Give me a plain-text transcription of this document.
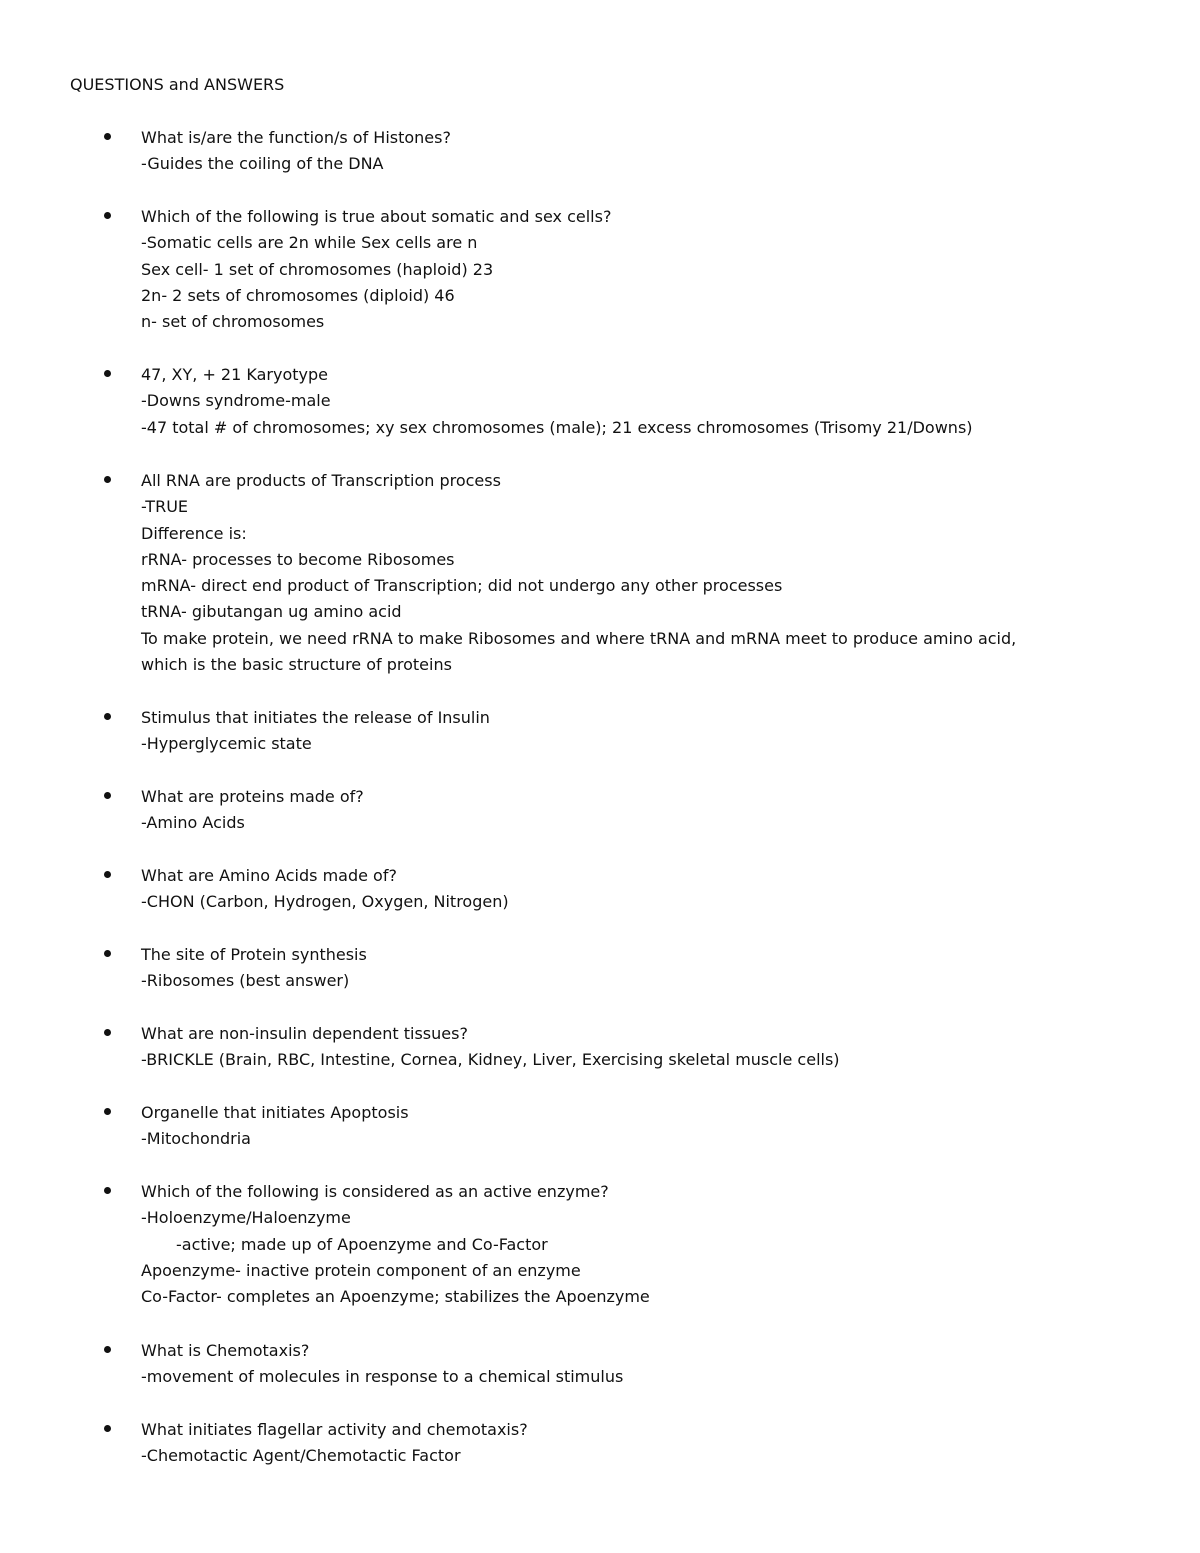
QUESTIONS and ANSWERS
What is/are the function/s of Histones?
-Guides the coiling of the DNA
Which of the following is true about somatic and sex cells?
-Somatic cells are 2n while Sex cells are n
Sex cell- 1 set of chromosomes (haploid) 23
2n- 2 sets of chromosomes (diploid) 46
n- set of chromosomes
47, XY, + 21 Karyotype
-Downs syndrome-male
-47 total # of chromosomes; xy sex chromosomes (male); 21 excess chromosomes (Trisomy 21/Downs)
All RNA are products of Transcription process
-TRUE
Difference is:
rRNA- processes to become Ribosomes
mRNA- direct end product of Transcription; did not undergo any other processes
tRNA- gibutangan ug amino acid
To make protein, we need rRNA to make Ribosomes and where tRNA and mRNA meet to produce amino acid,
which is the basic structure of proteins
Stimulus that initiates the release of Insulin
-Hyperglycemic state
What are proteins made of?
-Amino Acids
What are Amino Acids made of?
-CHON (Carbon, Hydrogen, Oxygen, Nitrogen)
The site of Protein synthesis
-Ribosomes (best answer)
What are non-insulin dependent tissues?
-BRICKLE (Brain, RBC, Intestine, Cornea, Kidney, Liver, Exercising skeletal muscle cells)
Organelle that initiates Apoptosis
-Mitochondria
Which of the following is considered as an active enzyme?
-Holoenzyme/Haloenzyme
-active; made up of Apoenzyme and Co-Factor
Apoenzyme- inactive protein component of an enzyme
Co-Factor- completes an Apoenzyme; stabilizes the Apoenzyme
What is Chemotaxis?
-movement of molecules in response to a chemical stimulus
What initiates flagellar activity and chemotaxis?
-Chemotactic Agent/Chemotactic Factor
